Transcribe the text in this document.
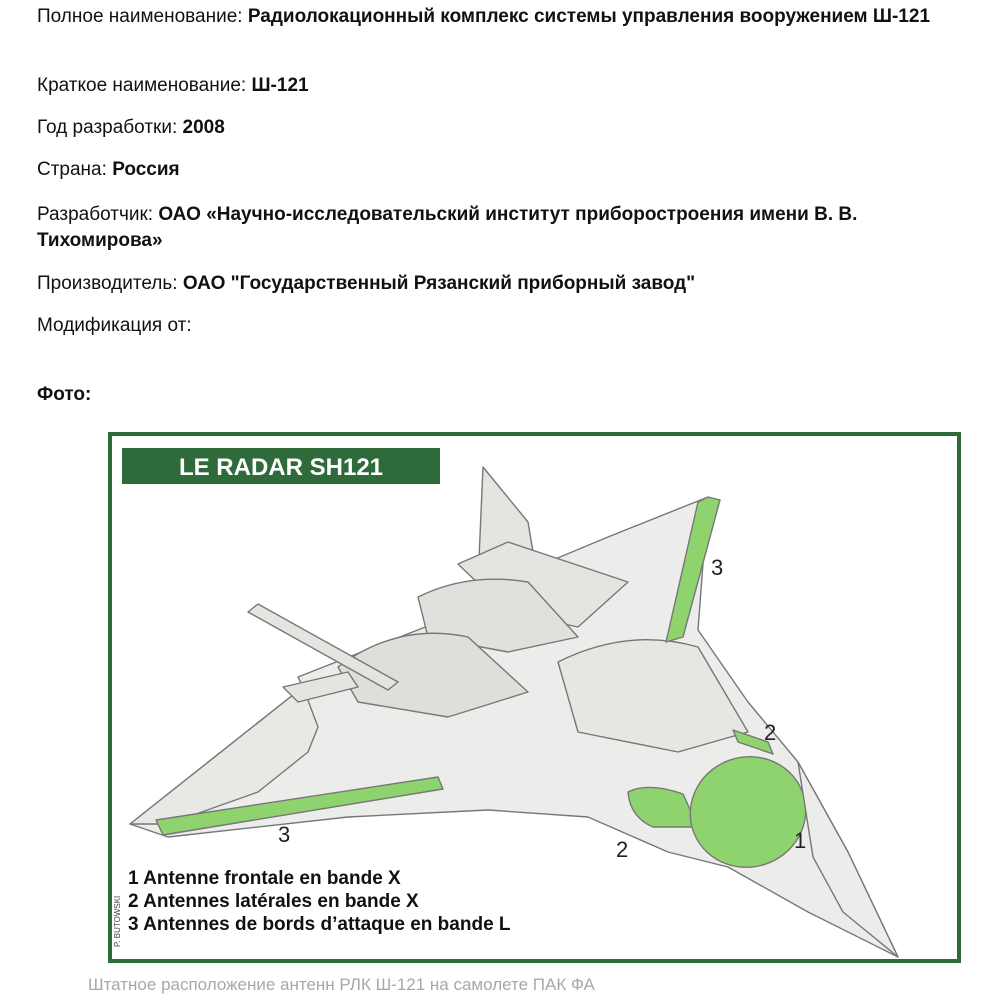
Полное наименование: Радиолокационный комплекс системы управления вооружением Ш-121
Краткое наименование: Ш-121
Год разработки: 2008
Страна: Россия
Разработчик: ОАО «Научно-исследовательский институт приборостроения имени В. В. Тихомирова»
Производитель: ОАО "Государственный Рязанский приборный завод"
Модификация от:
Фото:
LE RADAR SH121
3
3
2
2	1
1 Antenne frontale en bande X
2 Antennes latérales en bande X
3 Antennes de bords d’attaque en bande L
P. BUTOWSKI
Штатное расположение антенн РЛК Ш-121 на самолете ПАК ФА
